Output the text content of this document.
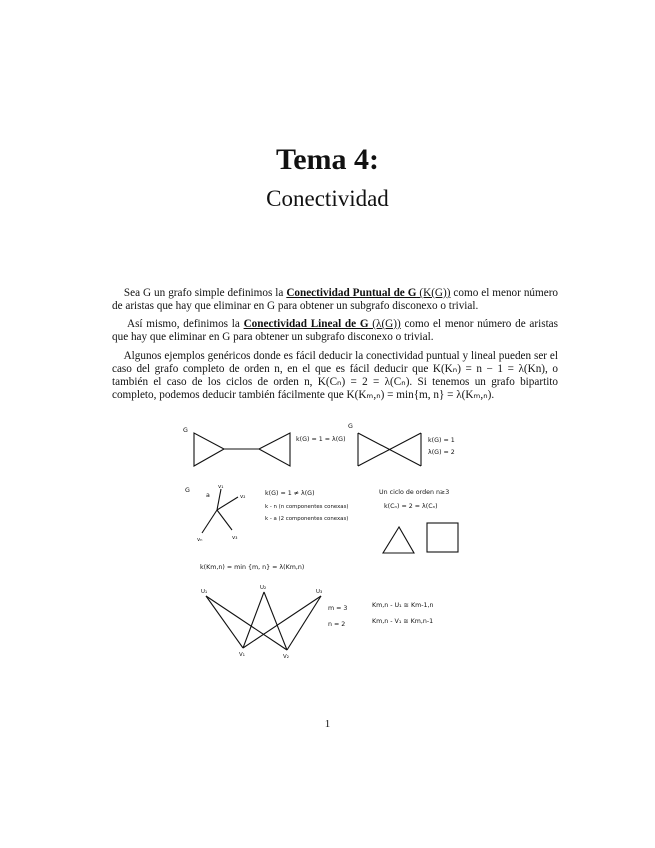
Tema 4:
Conectividad

Sea G un grafo simple definimos la Conectividad Puntual de G (K(G)) como el menor número de aristas que hay que eliminar en G para obtener un subgrafo disconexo o trivial.

Así mismo, definimos la Conectividad Lineal de G (λ(G)) como el menor número de aristas que hay que eliminar en G para obtener un subgrafo disconexo o trivial.

Algunos ejemplos genéricos donde es fácil deducir la conectividad puntual y lineal pueden ser el caso del grafo completo de orden n, en el que es fácil deducir que K(Kₙ) = n − 1 = λ(Kn), o también el caso de los ciclos de orden n, K(Cₙ) = 2 = λ(Cₙ). Si tenemos un grafo bipartito completo, podemos deducir también fácilmente que K(Kₘ,ₙ) = min{m, n} = λ(Kₘ,ₙ).

G
k(G) = 1 = λ(G)
G
k(G) = 1
λ(G) = 2
G
a
v₁
v₂
vₙ	v₃
k(G) = 1 ≠ λ(G)
k - n (n componentes conexas)
k - a (2 componentes conexas)
Un ciclo de orden n≥3
k(Cₙ) = 2 = λ(Cₙ)
k(Km,n) = min {m, n} = λ(Km,n)
U₁
U₂
U₃
V₁	V₂
m = 3
n = 2
Km,n - U₁ ≅ Km-1,n
Km,n - V₁ ≅ Km,n-1
1
